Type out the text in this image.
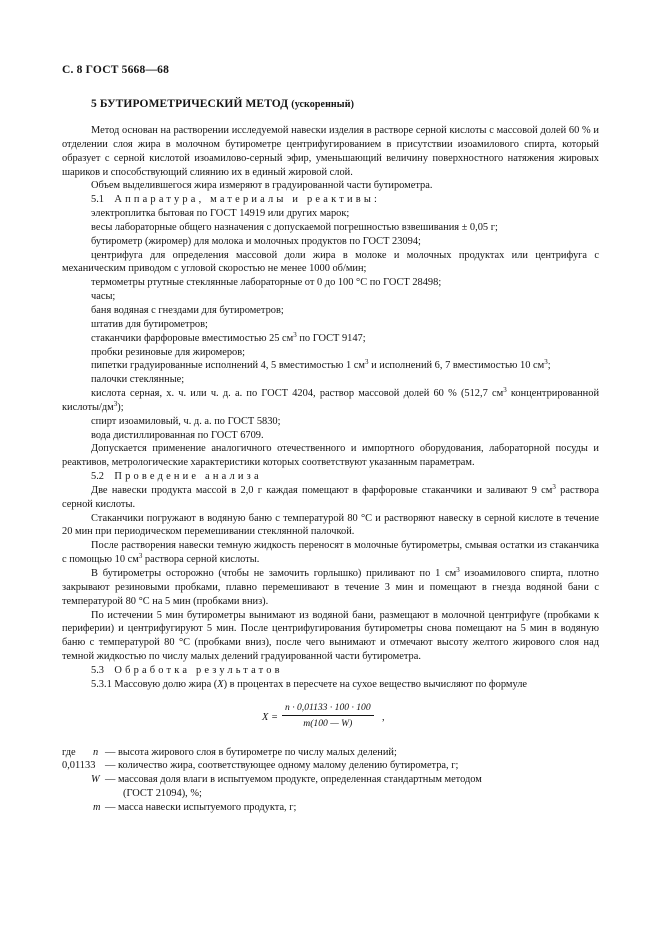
С. 8 ГОСТ 5668—68
5 БУТИРОМЕТРИЧЕСКИЙ МЕТОД (ускоренный)

Метод основан на растворении исследуемой навески изделия в растворе серной кислоты с массовой долей 60 % и отделении слоя жира в молочном бутирометре центрифугированием в присутствии изоамилового спирта, который образует с серной кислотой изоамилово-серный эфир, уменьшающий величину поверхностного натяжения жировых шариков и способствующий слиянию их в единый жировой слой.

Объем выделившегося жира измеряют в градуированной части бутирометра.

5.1 Аппаратура, материалы и реактивы:

электроплитка бытовая по ГОСТ 14919 или других марок;

весы лабораторные общего назначения с допускаемой погрешностью взвешивания ± 0,05 г;

бутирометр (жиромер) для молока и молочных продуктов по ГОСТ 23094;

центрифуга для определения массовой доли жира в молоке и молочных продуктах или центрифуга с механическим приводом с угловой скоростью не менее 1000 об/мин;

термометры ртутные стеклянные лабораторные от 0 до 100 °С по ГОСТ 28498;

часы;

баня водяная с гнездами для бутирометров;

штатив для бутирометров;

стаканчики фарфоровые вместимостью 25 $см^3$ по ГОСТ 9147;

пробки резиновые для жиромеров;

пипетки градуированные исполнений 4, 5 вместимостью 1 $см^3$ и исполнений 6, 7 вместимостью 10 $см^3$;

палочки стеклянные;

кислота серная, х. ч. или ч. д. а. по ГОСТ 4204, раствор массовой долей 60 % (512,7 $см^3$ концентрированной кислоты/$дм^3$);

спирт изоамиловый, ч. д. а. по ГОСТ 5830;

вода дистиллированная по ГОСТ 6709.

Допускается применение аналогичного отечественного и импортного оборудования, лабораторной посуды и реактивов, метрологические характеристики которых соответствуют указанным параметрам.

5.2 Проведение анализа

Две навески продукта массой в 2,0 г каждая помещают в фарфоровые стаканчики и заливают 9 $см^3$ раствора серной кислоты.

Стаканчики погружают в водяную баню с температурой 80 °С и растворяют навеску в серной кислоте в течение 20 мин при периодическом перемешивании стеклянной палочкой.

После растворения навески темную жидкость переносят в молочные бутирометры, смывая остатки из стаканчика с помощью 10 $см^3$ раствора серной кислоты.

В бутирометры осторожно (чтобы не замочить горлышко) приливают по 1 $см^3$ изоамилового спирта, плотно закрывают резиновыми пробками, плавно перемешивают в течение 3 мин и помещают в гнезда водяной бани с температурой 80 °С на 5 мин (пробками вниз).

По истечении 5 мин бутирометры вынимают из водяной бани, размещают в молочной центрифуге (пробками к периферии) и центрифугируют 5 мин. После центрифугирования бутирометры снова помещают на 5 мин в водяную баню с температурой 80 °С (пробками вниз), после чего вынимают и отмечают высоту желтого жирового слоя над темной жидкостью по числу малых делений градуированной части бутирометра.

5.3 Обработка результатов

5.3.1 Массовую долю жира (X) в процентах в пересчете на сухое вещество вычисляют по формуле

$X = \frac{n \cdot 0,01133 \cdot 100 \cdot 100}{m(100 — W)}$ ,
где n — высота жирового слоя в бутирометре по числу малых делений;
0,01133 — количество жира, соответствующее одному малому делению бутирометра, г;
W — массовая доля влаги в испытуемом продукте, определенная стандартным методом
(ГОСТ 21094), %;
m — масса навески испытуемого продукта, г;
